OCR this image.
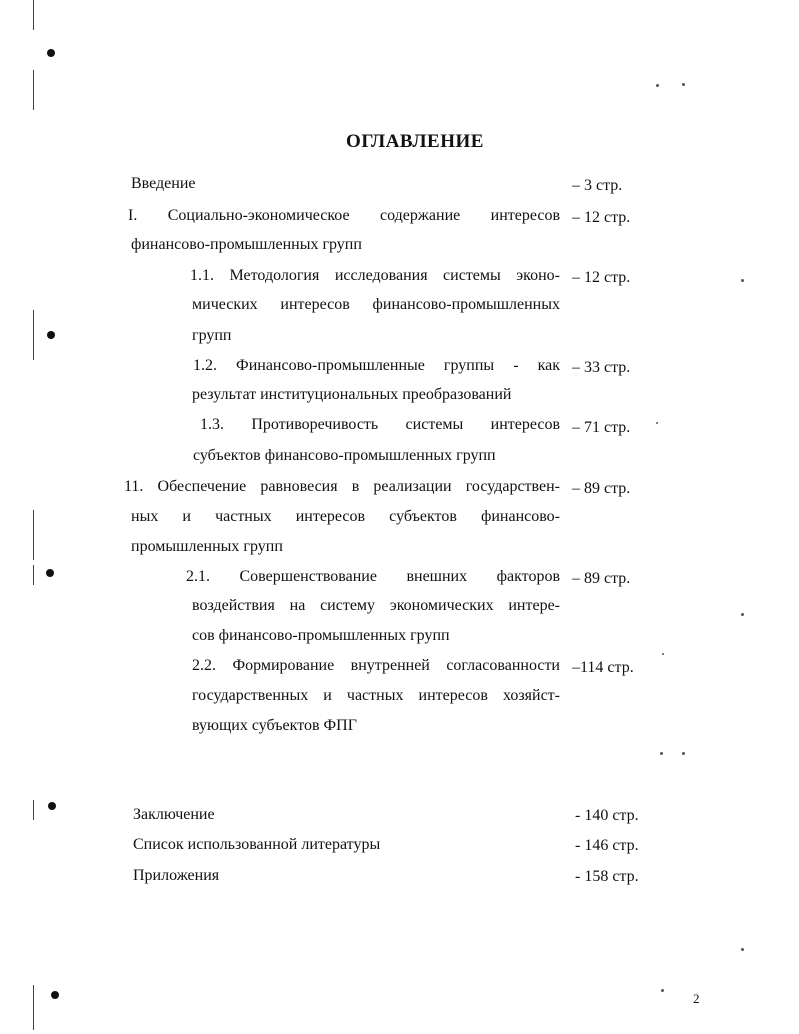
ОГЛАВЛЕНИЕ
Введение	– 3 стр.
I. Социально-экономическое содержание интересов
финансово-промышленных групп
– 12 стр.
1.1. Методология исследования системы эконо-
мических интересов финансово-промышленных
групп
– 12 стр.
1.2. Финансово-промышленные группы - как
результат институциональных преобразований
– 33 стр.
1.3. Противоречивость системы интересов
субъектов финансово-промышленных групп
– 71 стр.
11. Обеспечение равновесия в реализации государствен-
ных и частных интересов субъектов финансово-
промышленных групп
– 89 стр.
2.1. Совершенствование внешних факторов
воздействия на систему экономических интере-
сов финансово-промышленных групп
– 89 стр.
2.2. Формирование внутренней согласованности
государственных и частных интересов хозяйст-
вующих субъектов ФПГ
–114 стр.
Заключение	- 140 стр.
Список использованной литературы	- 146 стр.
Приложения	- 158 стр.
2
